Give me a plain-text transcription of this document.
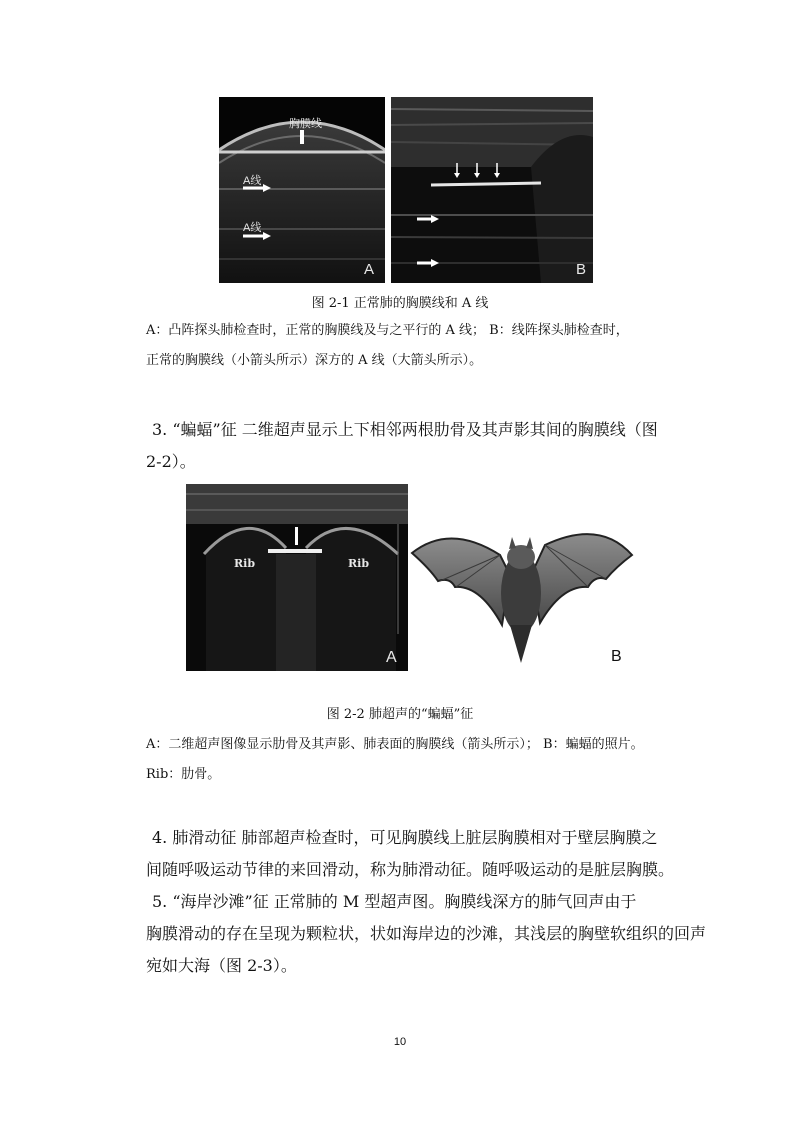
胸膜线
A线
A线
A	B
图 2-1 正常肺的胸膜线和 A 线
A：凸阵探头肺检查时，正常的胸膜线及与之平行的 A 线； B：线阵探头肺检查时，
正常的胸膜线（小箭头所示）深方的 A 线（大箭头所示）。
3. “蝙蝠”征 二维超声显示上下相邻两根肋骨及其声影其间的胸膜线（图
2-2）。
Rib	Rib
A	B
图 2-2 肺超声的“蝙蝠”征
A：二维超声图像显示肋骨及其声影、肺表面的胸膜线（箭头所示）； B：蝙蝠的照片。
Rib：肋骨。
4. 肺滑动征 肺部超声检查时，可见胸膜线上脏层胸膜相对于壁层胸膜之
间随呼吸运动节律的来回滑动，称为肺滑动征。随呼吸运动的是脏层胸膜。
5. “海岸沙滩”征 正常肺的 M 型超声图。胸膜线深方的肺气回声由于
胸膜滑动的存在呈现为颗粒状，状如海岸边的沙滩，其浅层的胸壁软组织的回声
宛如大海（图 2-3）。
10
